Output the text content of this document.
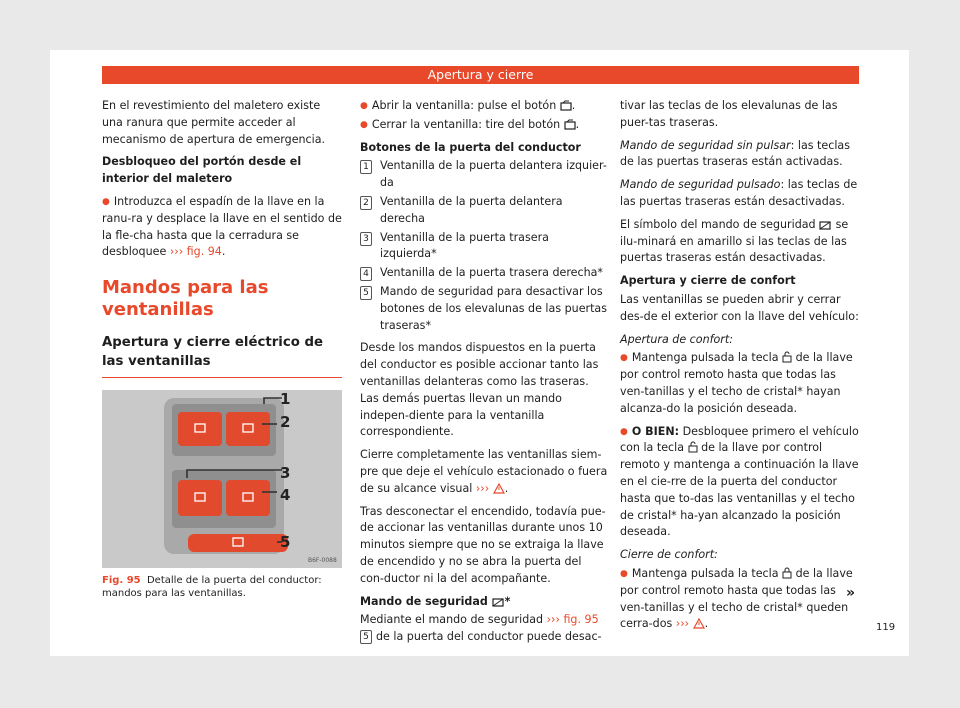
Apertura y cierre

En el revestimiento del maletero existe una ranura que permite acceder al mecanismo de apertura de emergencia.

Desbloqueo del portón desde el interior del maletero

● Introduzca el espadín de la llave en la ranu-ra y desplace la llave en el sentido de la fle-cha hasta que la cerradura se desbloquee ››› fig. 94.

Mandos para las ventanillas
Apertura y cierre eléctrico de las ventanillas
1
2
3
4
5
B6F-0088
Fig. 95 Detalle de la puerta del conductor: mandos para las ventanillas.

● Abrir la ventanilla: pulse el botón .

● Cerrar la ventanilla: tire del botón .

Botones de la puerta del conductor

1 Ventanilla de la puerta delantera izquier-da
2 Ventanilla de la puerta delantera derecha
3 Ventanilla de la puerta trasera izquierda*
4 Ventanilla de la puerta trasera derecha*
5 Mando de seguridad para desactivar los botones de los elevalunas de las puertas traseras*

Desde los mandos dispuestos en la puerta del conductor es posible accionar tanto las ventanillas delanteras como las traseras. Las demás puertas llevan un mando indepen-diente para la ventanilla correspondiente.

Cierre completamente las ventanillas siem-pre que deje el vehículo estacionado o fuera de su alcance visual ››› .

Tras desconectar el encendido, todavía pue-de accionar las ventanillas durante unos 10 minutos siempre que no se extraiga la llave de encendido y no se abra la puerta del con-ductor ni la del acompañante.

Mando de seguridad *

Mediante el mando de seguridad ››› fig. 95 5 de la puerta del conductor puede desac-

tivar las teclas de los elevalunas de las puer-tas traseras.

Mando de seguridad sin pulsar: las teclas de las puertas traseras están activadas.

Mando de seguridad pulsado: las teclas de las puertas traseras están desactivadas.

El símbolo del mando de seguridad se ilu-minará en amarillo si las teclas de las puertas traseras están desactivadas.

Apertura y cierre de confort

Las ventanillas se pueden abrir y cerrar des-de el exterior con la llave del vehículo:

Apertura de confort:

● Mantenga pulsada la tecla de la llave por control remoto hasta que todas las ven-tanillas y el techo de cristal* hayan alcanza-do la posición deseada.

● O BIEN: Desbloquee primero el vehículo con la tecla de la llave por control remoto y mantenga a continuación la llave en el cie-rre de la puerta del conductor hasta que to-das las ventanillas y el techo de cristal* ha-yan alcanzado la posición deseada.

Cierre de confort:

● Mantenga pulsada la tecla de la llave por control remoto hasta que todas las ven-tanillas y el techo de cristal* queden cerra-dos ››› .

»
119
